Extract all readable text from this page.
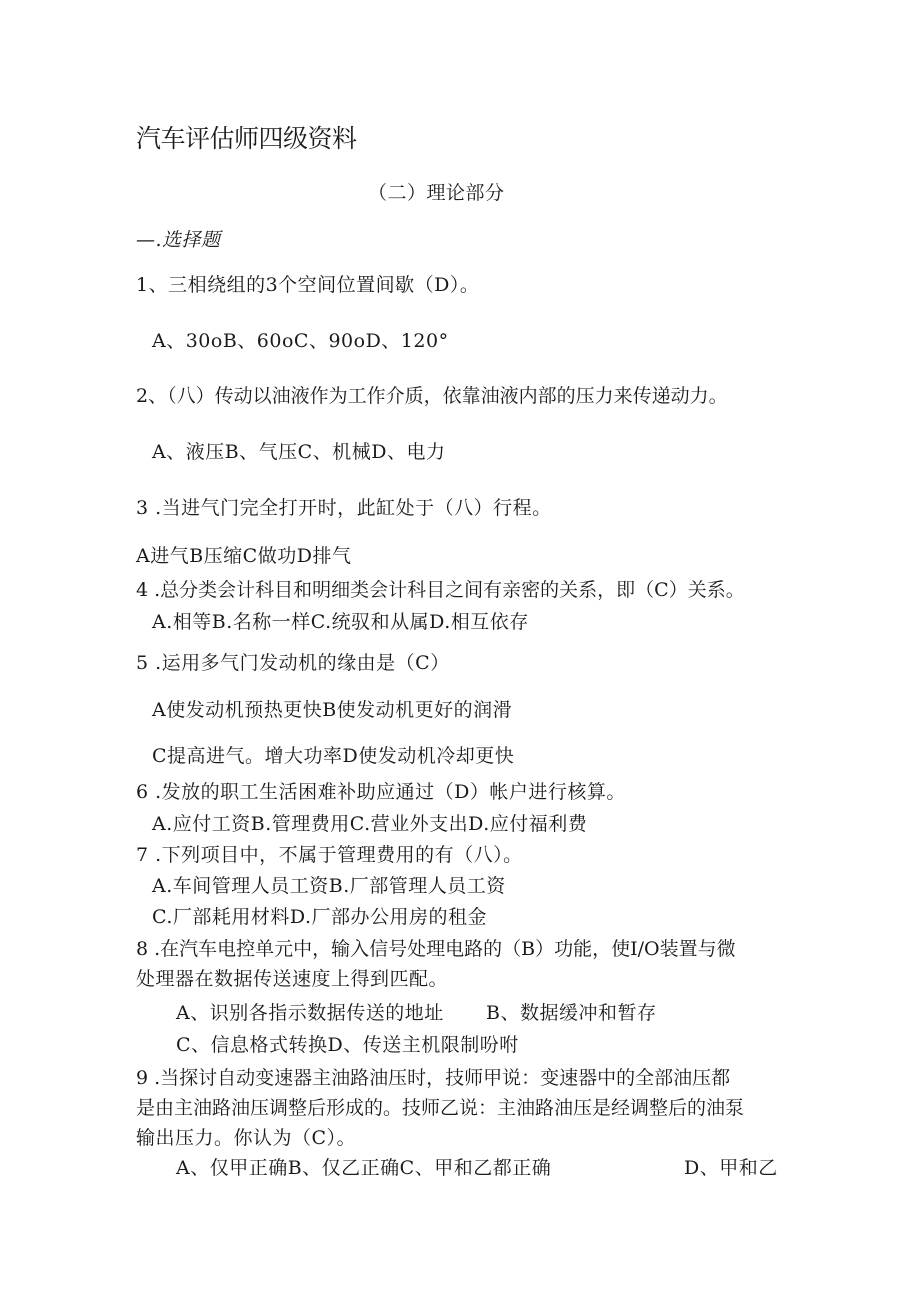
汽车评估师四级资料
（二）理论部分
—.选择题
1、三相绕组的3个空间位置间歇（D）。
A、30oB、60oC、90oD、120°
2、（八）传动以油液作为工作介质，依靠油液内部的压力来传递动力。
A、液压B、气压C、机械D、电力
3 .当进气门完全打开时，此缸处于（八）行程。
A进气B压缩C做功D排气
4 .总分类会计科目和明细类会计科目之间有亲密的关系，即（C）关系。
A.相等B.名称一样C.统驭和从属D.相互依存
5 .运用多气门发动机的缘由是（C）
A使发动机预热更快B使发动机更好的润滑
C提高进气。增大功率D使发动机冷却更快
6 .发放的职工生活困难补助应通过（D）帐户进行核算。
A.应付工资B.管理费用C.营业外支出D.应付福利费
7 .下列项目中，不属于管理费用的有（八）。
A.车间管理人员工资B.厂部管理人员工资
C.厂部耗用材料D.厂部办公用房的租金
8 .在汽车电控单元中，输入信号处理电路的（B）功能，使I/O装置与微
处理器在数据传送速度上得到匹配。
A、识别各指示数据传送的地址 B、数据缓冲和暂存
C、信息格式转换D、传送主机限制吩咐
9 .当探讨自动变速器主油路油压时，技师甲说：变速器中的全部油压都
是由主油路油压调整后形成的。技师乙说：主油路油压是经调整后的油泵
输出压力。你认为（C）。
A、仅甲正确B、仅乙正确C、甲和乙都正确	D、甲和乙
